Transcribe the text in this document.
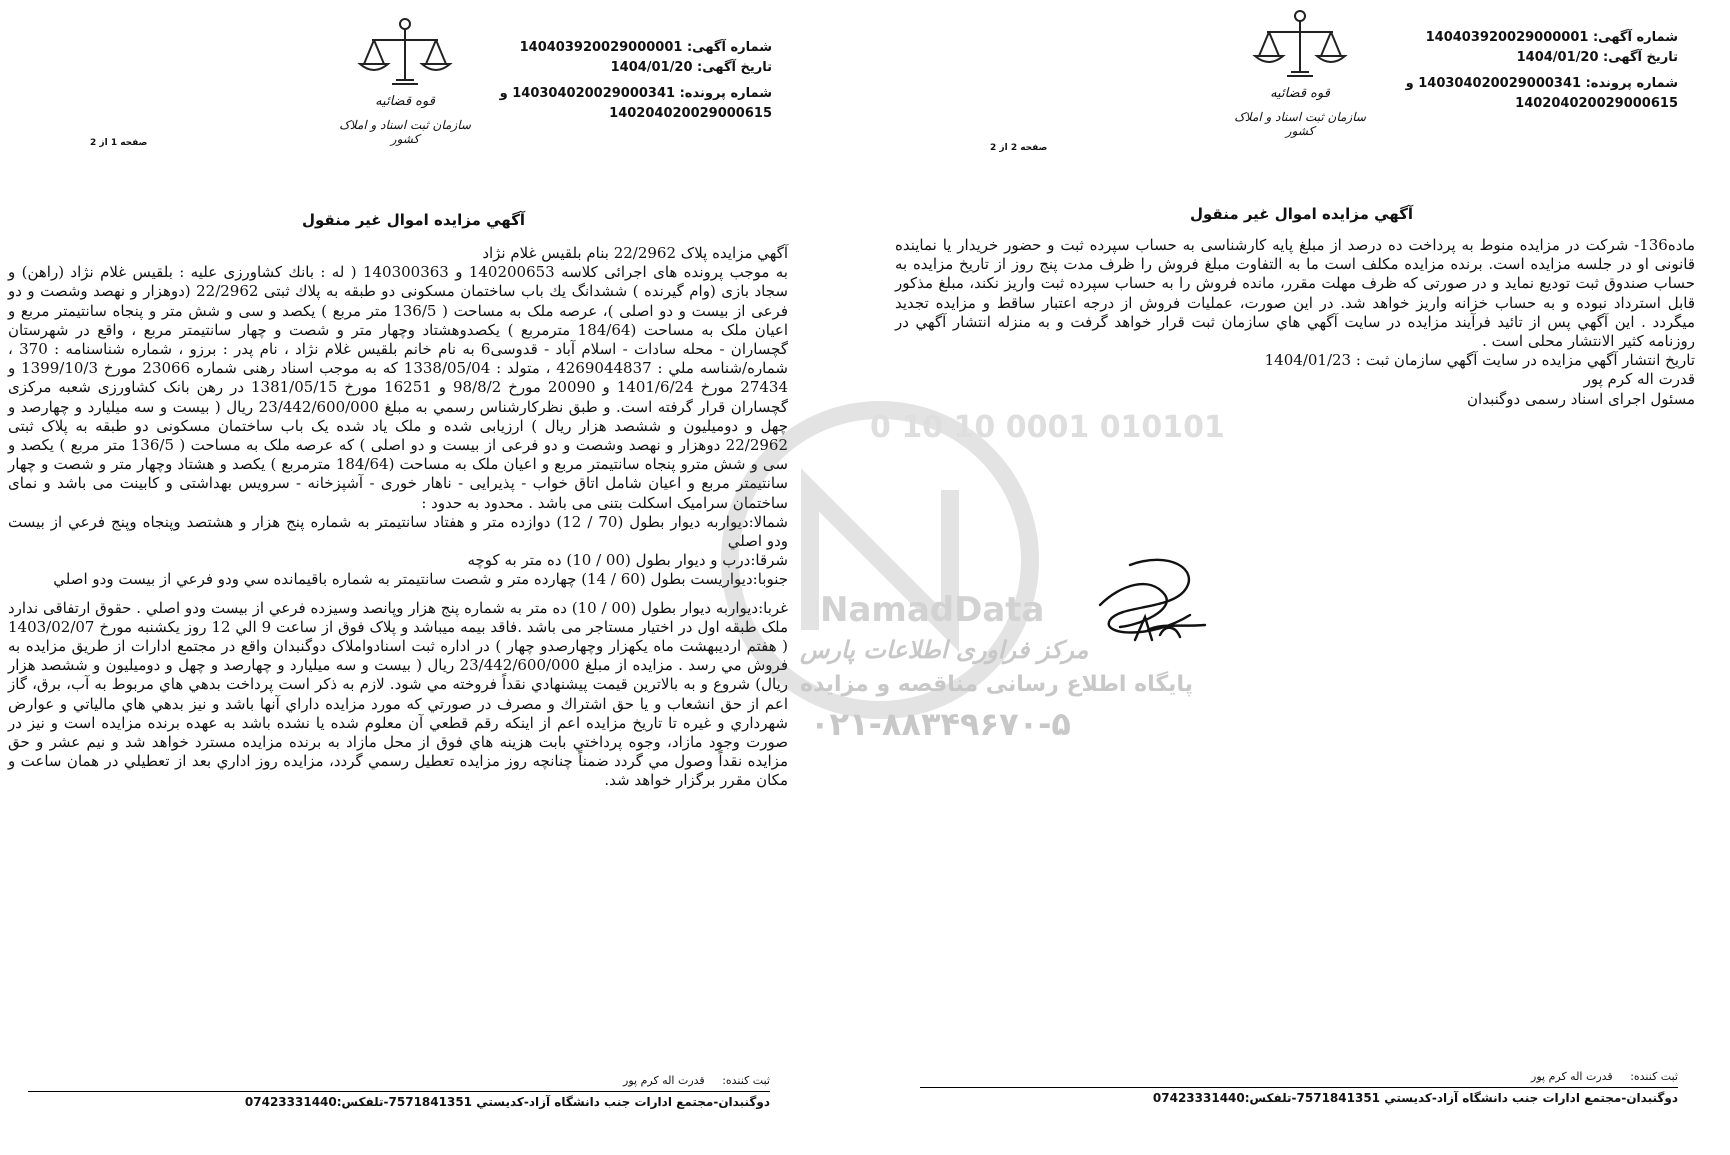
شماره آگهی: 140403920029000001
تاریخ آگهی: 1404/01/20
شماره پرونده: 140304020029000341 و
140204020029000615
قوه قضائیه
سازمان ثبت اسناد و املاک کشور
صفحه 1 از 2
آگهي مزايده اموال غير منقول

آگهي مزايده پلاک 22/2962 بنام بلقيس غلام نژاد

به موجب پرونده های اجرائی کلاسه 140200653 و 140300363 ( له : بانك كشاورزی عليه : بلقيس غلام نژاد (راهن) و سجاد بازی (وام گيرنده ) ششدانگ يك باب ساختمان مسکونی دو طبقه به پلاك ثبتی 22/2962 (دوهزار و نهصد وشصت و دو فرعی از بيست و دو اصلی )، عرصه ملک به مساحت ( 136/5 متر مربع ) يکصد و سی و شش متر و پنجاه سانتيمتر مربع و اعيان ملک به مساحت (184/64 مترمربع ) يکصدوهشتاد وچهار متر و شصت و چهار سانتيمتر مربع ، واقع در شهرستان گچساران - محله سادات - اسلام آباد - قدوسی6 به نام خانم بلقيس غلام نژاد ، نام پدر : برزو ، شماره شناسنامه : 370 ، شماره/شناسه ملي : 4269044837 ، متولد : 1338/05/04 که به موجب اسناد رهنی شماره 23066 مورخ 1399/10/3 و 27434 مورخ 1401/6/24 و 20090 مورخ 98/8/2 و 16251 مورخ 1381/05/15 در رهن بانک کشاورزی شعبه مرکزی گچساران قرار گرفته است. و طبق نظرکارشناس رسمي به مبلغ 23/442/600/000 ريال ( بيست و سه ميليارد و چهارصد و چهل و دوميليون و ششصد هزار ريال ) ارزيابی شده و ملک ياد شده يک باب ساختمان مسکونی دو طبقه به پلاک ثبتی 22/2962 دوهزار و نهصد وشصت و دو فرعی از بيست و دو اصلی ) که عرصه ملک به مساحت ( 136/5 متر مربع ) يکصد و سی و شش مترو پنجاه سانتيمتر مربع و اعيان ملک به مساحت (184/64 مترمربع ) يکصد و هشتاد وچهار متر و شصت و چهار سانتيمتر مربع و اعيان شامل اتاق خواب - پذيرايی - ناهار خوری - آشپزخانه - سرويس بهداشتی و کابينت می باشد و نمای ساختمان سراميک اسکلت بتنی می باشد . محدود به حدود :

شمالا:ديواربه ديوار بطول (70 / 12) دوازده متر و هفتاد سانتيمتر به شماره پنج هزار و هشتصد وپنجاه وپنج فرعي از بيست ودو اصلي

شرقا:درب و ديوار بطول (00 / 10) ده متر به كوچه

جنوبا:ديواريست بطول (60 / 14) چهارده متر و شصت سانتيمتر به شماره باقيمانده سي ودو فرعي از بيست ودو اصلي

غربا:ديواربه ديوار بطول (00 / 10) ده متر به شماره پنج هزار وپانصد وسيزده فرعي از بيست ودو اصلي . حقوق ارتفاقی ندارد ملک طبقه اول در اختيار مستاجر می باشد .فاقد بيمه ميباشد و پلاک فوق از ساعت 9 الي 12 روز يکشنبه مورخ 1403/02/07 ( هفتم ارديبهشت ماه يکهزار وچهارصدو چهار ) در اداره ثبت اسنادواملاک دوگنبدان واقع در مجتمع ادارات از طريق مزايده به فروش مي رسد . مزايده از مبلغ 23/442/600/000 ريال ( بيست و سه ميليارد و چهارصد و چهل و دوميليون و ششصد هزار ريال) شروع و به بالاترين قيمت پيشنهادي نقداً فروخته مي شود. لازم به ذكر است پرداخت بدهي هاي مربوط به آب، برق، گاز اعم از حق انشعاب و يا حق اشتراك و مصرف در صورتي كه مورد مزايده داراي آنها باشد و نيز بدهي هاي مالياتي و عوارض شهرداري و غيره تا تاريخ مزايده اعم از اينكه رقم قطعي آن معلوم شده يا نشده باشد به عهده برنده مزايده است و نيز در صورت وجود مازاد، وجوه پرداختي بابت هزينه هاي فوق از محل مازاد به برنده مزايده مسترد خواهد شد و نيم عشر و حق مزايده نقداً وصول مي گردد ضمناً چنانچه روز مزايده تعطيل رسمي گردد، مزايده روز اداري بعد از تعطيلي در همان ساعت و مكان مقرر برگزار خواهد شد.

ثبت کننده: قدرت اله کرم پور
دوگنبدان-مجتمع ادارات جنب دانشگاه آزاد-کديستي 7571841351-تلفکس:07423331440
شماره آگهی: 140403920029000001
تاریخ آگهی: 1404/01/20
شماره پرونده: 140304020029000341 و
140204020029000615
قوه قضائیه
سازمان ثبت اسناد و املاک کشور
صفحه 2 از 2
آگهي مزايده اموال غير منقول

ماده136- شرکت در مزايده منوط به پرداخت ده درصد از مبلغ پايه کارشناسی به حساب سپرده ثبت و حضور خريدار يا نماينده قانونی او در جلسه مزايده است. برنده مزايده مکلف است ما به التفاوت مبلغ فروش را ظرف مدت پنج روز از تاريخ مزايده به حساب صندوق ثبت توديع نمايد و در صورتی که ظرف مهلت مقرر، مانده فروش را به حساب سپرده ثبت واريز نکند، مبلغ مذکور قابل استرداد نبوده و به حساب خزانه واريز خواهد شد. در اين صورت، عمليات فروش از درجه اعتبار ساقط و مزايده تجديد ميگردد . اين آگهي پس از تائيد فرآيند مزايده در سايت آگهي هاي سازمان ثبت قرار خواهد گرفت و به منزله انتشار آگهي در روزنامه کثير الانتشار محلی است .

تاريخ انتشار آگهي مزايده در سايت آگهي سازمان ثبت : 1404/01/23

قدرت اله کرم پور

مسئول اجرای اسناد رسمی دوگنبدان

ثبت کننده: قدرت اله کرم پور
دوگنبدان-مجتمع ادارات جنب دانشگاه آزاد-کديستي 7571841351-تلفکس:07423331440
010101 0001 10 10 0
NamadData
مرکز فراوری اطلاعات پارس
پايگاه اطلاع رسانی مناقصه و مزايده
۰۲۱-۸۸۳۴۹۶۷۰-۵
